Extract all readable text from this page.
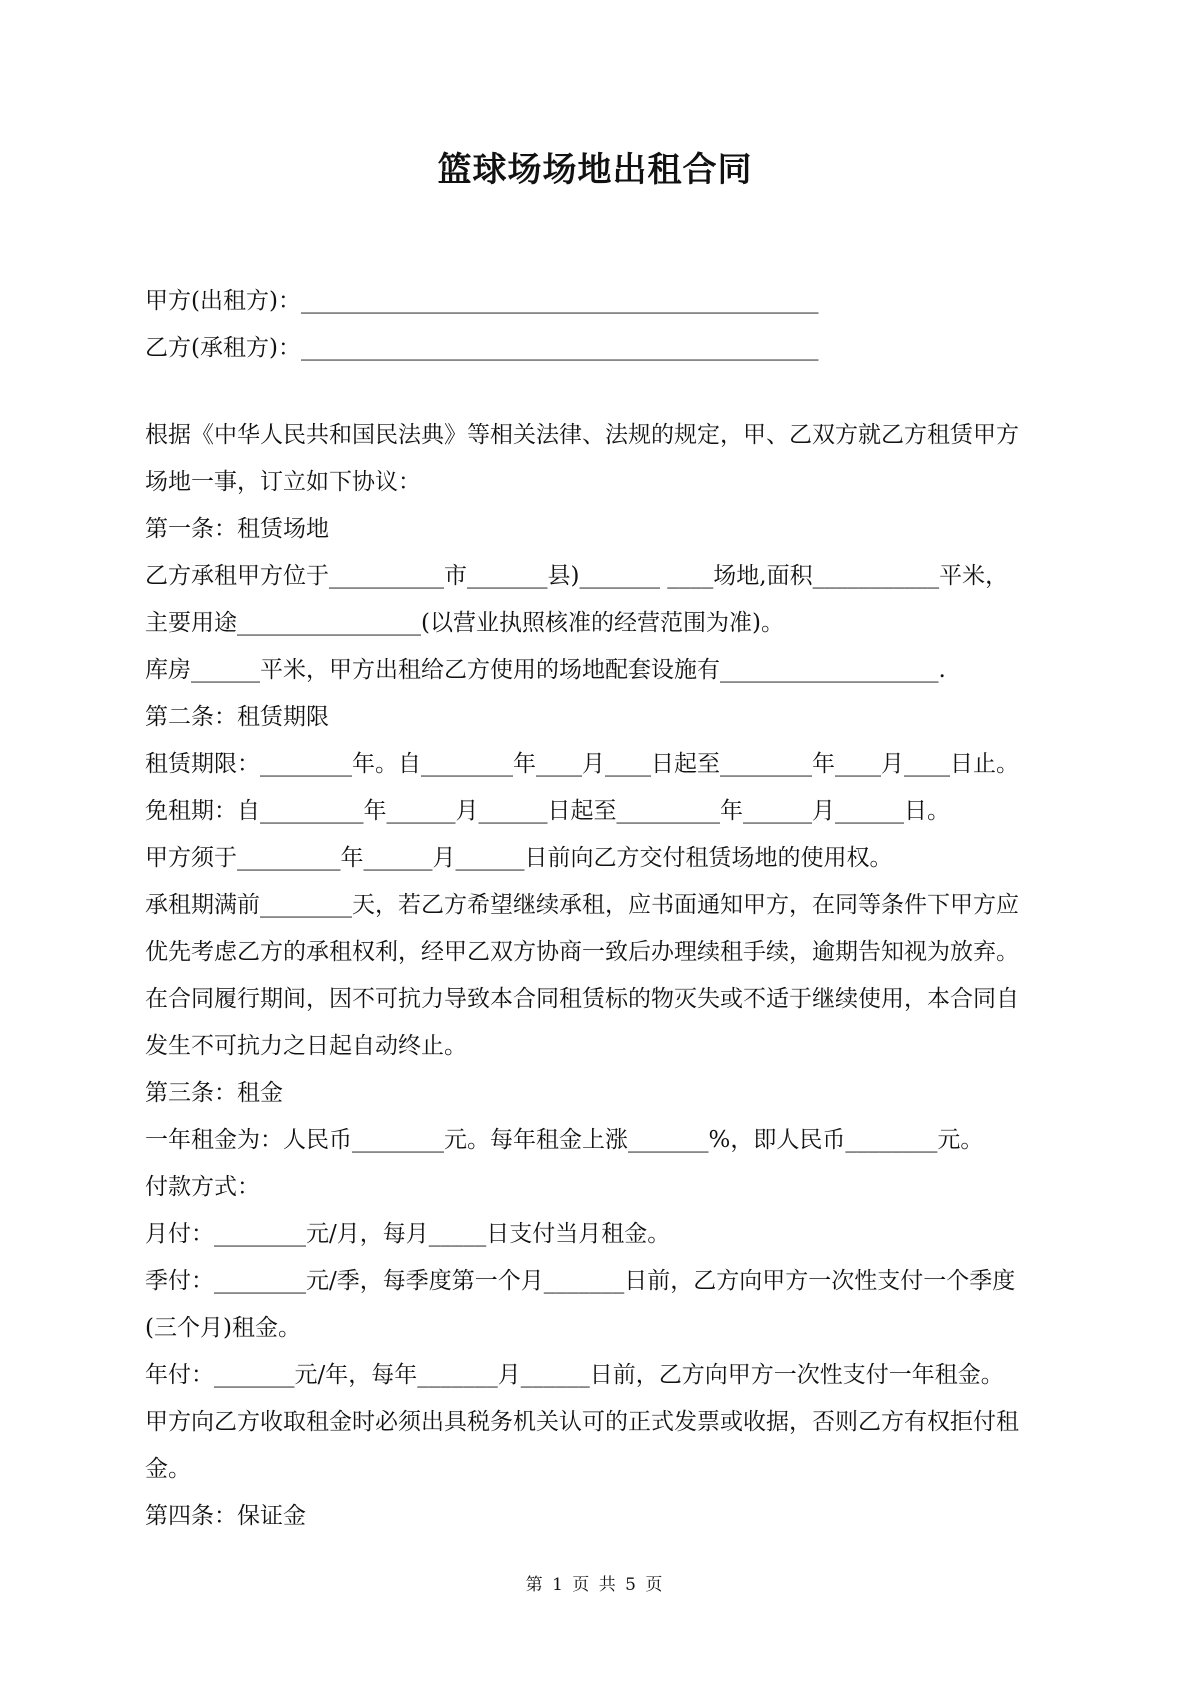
篮球场场地出租合同

甲方(出租方)：_____________________________________________

乙方(承租方)：_____________________________________________

根据《中华人民共和国民法典》等相关法律、法规的规定，甲、乙双方就乙方租赁甲方

场地一事，订立如下协议：

第一条：租赁场地

乙方承租甲方位于__________市_______县)_______ ____场地,面积___________平米，

主要用途________________(以营业执照核准的经营范围为准)。

库房______平米，甲方出租给乙方使用的场地配套设施有___________________.

第二条：租赁期限

租赁期限：________年。自________年____月____日起至________年____月____日止。

免租期：自_________年______月______日起至_________年______月______日。

甲方须于_________年______月______日前向乙方交付租赁场地的使用权。

承租期满前________天，若乙方希望继续承租，应书面通知甲方，在同等条件下甲方应

优先考虑乙方的承租权利，经甲乙双方协商一致后办理续租手续，逾期告知视为放弃。

在合同履行期间，因不可抗力导致本合同租赁标的物灭失或不适于继续使用，本合同自

发生不可抗力之日起自动终止。

第三条：租金

一年租金为：人民币________元。每年租金上涨_______%，即人民币________元。

付款方式：

月付：________元/月，每月_____日支付当月租金。

季付：________元/季，每季度第一个月_______日前，乙方向甲方一次性支付一个季度

(三个月)租金。

年付：_______元/年，每年_______月______日前，乙方向甲方一次性支付一年租金。

甲方向乙方收取租金时必须出具税务机关认可的正式发票或收据，否则乙方有权拒付租

金。

第四条：保证金

第 1 页 共 5 页
